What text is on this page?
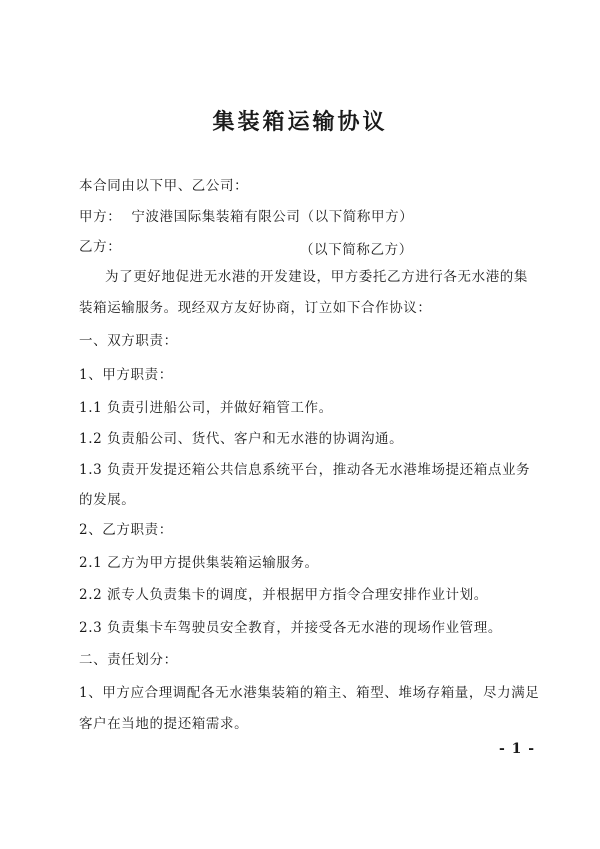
集装箱运输协议
本合同由以下甲、乙公司：
甲方： 宁波港国际集装箱有限公司（以下简称甲方）
乙方：	（以下简称乙方）
为了更好地促进无水港的开发建设，甲方委托乙方进行各无水港的集
装箱运输服务。现经双方友好协商，订立如下合作协议：
一、双方职责：
1、甲方职责：
1.1 负责引进船公司，并做好箱管工作。
1.2 负责船公司、货代、客户和无水港的协调沟通。
1.3 负责开发提还箱公共信息系统平台，推动各无水港堆场提还箱点业务
的发展。
2、乙方职责：
2.1 乙方为甲方提供集装箱运输服务。
2.2 派专人负责集卡的调度，并根据甲方指令合理安排作业计划。
2.3 负责集卡车驾驶员安全教育，并接受各无水港的现场作业管理。
二、责任划分：
1、甲方应合理调配各无水港集装箱的箱主、箱型、堆场存箱量，尽力满足
客户在当地的提还箱需求。
- 1 -
